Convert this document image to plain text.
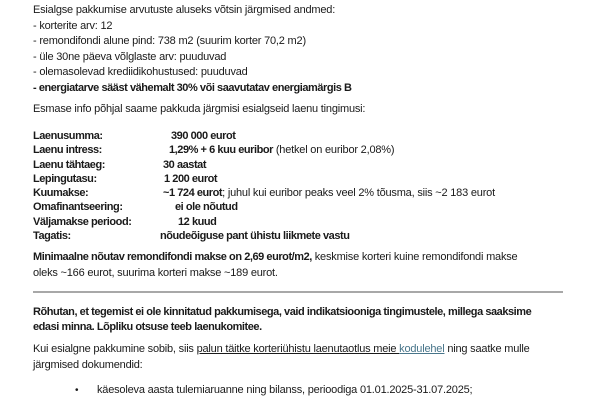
Esialgse pakkumise arvutuste aluseks võtsin järgmised andmed:
- korterite arv: 12
- remondifondi alune pind: 738 m2 (suurim korter 70,2 m2)
- üle 30ne päeva võlglaste arv: puuduvad
- olemasolevad krediidikohustused: puuduvad
- energiatarve sääst vähemalt 30% või saavutatav energiamärgis B
Esmase info põhjal saame pakkuda järgmisi esialgseid laenu tingimusi:
Laenusumma:	390 000 eurot
Laenu intress:	1,29% + 6 kuu euribor (hetkel on euribor 2,08%)
Laenu tähtaeg:	30 aastat
Lepingutasu:	1 200 eurot
Kuumakse:	~1 724 eurot; juhul kui euribor peaks veel 2% tõusma, siis ~2 183 eurot
Omafinantseering:	ei ole nõutud
Väljamakse periood:	12 kuud
Tagatis:	nõudeõiguse pant ühistu liikmete vastu
Minimaalne nõutav remondifondi makse on 2,69 eurot/m2, keskmise korteri kuine remondifondi makse
oleks ~166 eurot, suurima korteri makse ~189 eurot.
Rõhutan, et tegemist ei ole kinnitatud pakkumisega, vaid indikatsiooniga tingimustele, millega saaksime
edasi minna. Lõpliku otsuse teeb laenukomitee.
Kui esialgne pakkumine sobib, siis palun täitke korteriühistu laenutaotlus meie kodulehel ning saatke mulle
järgmised dokumendid:
•	käesoleva aasta tulemiaruanne ning bilanss, perioodiga 01.01.2025-31.07.2025;
